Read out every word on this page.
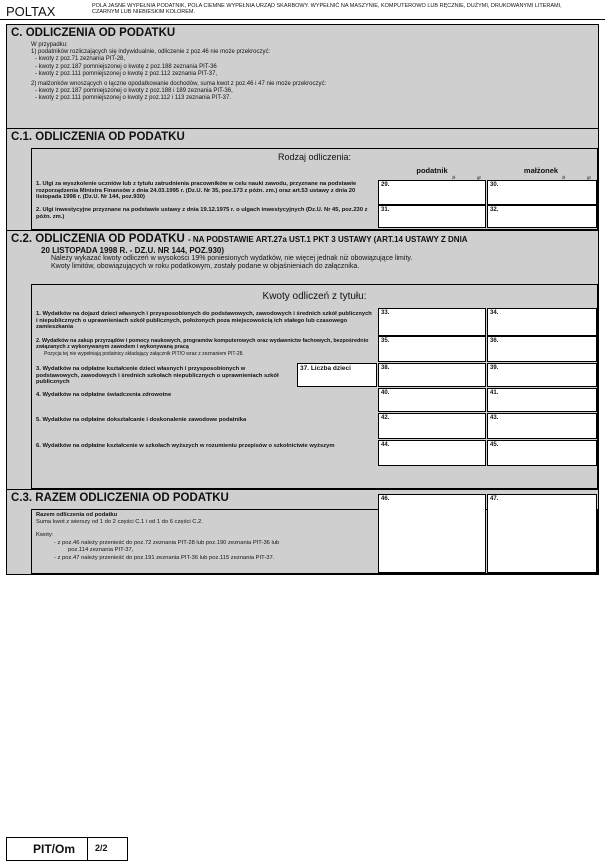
POLTAX	POLA JASNE WYPEŁNIA PODATNIK, POLA CIEMNE WYPEŁNIA URZĄD SKARBOWY. WYPEŁNIĆ NA MASZYNIE, KOMPUTEROWO LUB RĘCZNIE, DUŻYMI, DRUKOWANYMI LITERAMI, CZARNYM LUB NIEBIESKIM KOLOREM.
C. ODLICZENIA OD PODATKU
W przypadku:
1) podatników rozliczających się indywidualnie, odliczenie z poz.46 nie może przekroczyć:
- kwoty z poz.71 zeznania PIT-28,
- kwoty z poz.187 pomniejszonej o kwotę z poz.188 zeznania PIT-36
- kwoty z poz.111 pomniejszonej o kwotę z poz.112 zeznania PIT-37,
2) małżonków wnoszących o łączne opodatkowanie dochodów, suma kwot z poz.46 i 47 nie może przekroczyć:
- kwoty z poz.187 pomniejszonej o kwoty z poz.188 i 189 zeznania PIT-36,
- kwoty z poz.111 pomniejszonej o kwoty z poz.112 i 113 zeznania PIT-37.
C.1. ODLICZENIA OD PODATKU
Rodzaj odliczenia:
podatnik	małżonek
zł	gr	zł	gr
1. Ulgi za wyszkolenie uczniów lub z tytułu zatrudnienia pracowników w celu nauki zawodu, przyznane na podstawie rozporządzenia Ministra Finansów z dnia 24.03.1995 r. (Dz.U. Nr 35, poz.173 z późn. zm.) oraz art.53 ustawy z dnia 20 listopada 1998 r. (Dz.U. Nr 144, poz.930)
29.	30.
2. Ulgi inwestycyjne przyznane na podstawie ustawy z dnia 19.12.1975 r. o ulgach inwestycyjnych (Dz.U. Nr 45, poz.230 z późn. zm.)
31.	32.
C.2. ODLICZENIA OD PODATKU - NA PODSTAWIE ART.27a UST.1 PKT 3 USTAWY (ART.14 USTAWY Z DNIA
20 LISTOPADA 1998 R. - DZ.U. NR 144, POZ.930)
Należy wykazać kwoty odliczeń w wysokości 19% poniesionych wydatków, nie więcej jednak niż obowiązujące limity.
Kwoty limitów, obowiązujących w roku podatkowym, zostały podane w objaśnieniach do załącznika.
Kwoty odliczeń z tytułu:
1. Wydatków na dojazd dzieci własnych i przysposobionych do podstawowych, zawodowych i średnich szkół publicznych i niepublicznych o uprawnieniach szkół publicznych, położonych poza miejscowością ich stałego lub czasowego zamieszkania
33.	34.
2. Wydatków na zakup przyrządów i pomocy naukowych, programów komputerowych oraz wydawnictw fachowych, bezpośrednio związanych z wykonywanym zawodem i wykonywaną pracą
Pozycja tej nie wypełniają podatnicy składający załącznik PIT/O wraz z zeznaniem PIT-28.
35.	36.
3. Wydatków na odpłatne kształcenie dzieci własnych i przysposobionych w podstawowych, zawodowych i średnich szkołach niepublicznych o uprawnieniach szkół publicznych
37. Liczba dzieci	38.	39.
4. Wydatków na odpłatne świadczenia zdrowotne	40.	41.
5. Wydatków na odpłatne dokształcanie i doskonalenie zawodowe podatnika	42.	43.
6. Wydatków na odpłatne kształcenie w szkołach wyższych w rozumieniu przepisów o szkolnictwie wyższym	44.	45.
C.3. RAZEM ODLICZENIA OD PODATKU
Razem odliczenia od podatku
Suma kwot z wierszy od 1 do 2 części C.1 i od 1 do 6 części C.2.
Kwoty:
- z poz.46 należy przenieść do poz.72 zeznania PIT-28 lub poz.190 zeznania PIT-36 lub
poz.114 zeznania PIT-37,
- z poz.47 należy przenieść do poz.191 zeznania PIT-36 lub poz.115 zeznania PIT-37.
46.	47.
PIT/Om 2/2
